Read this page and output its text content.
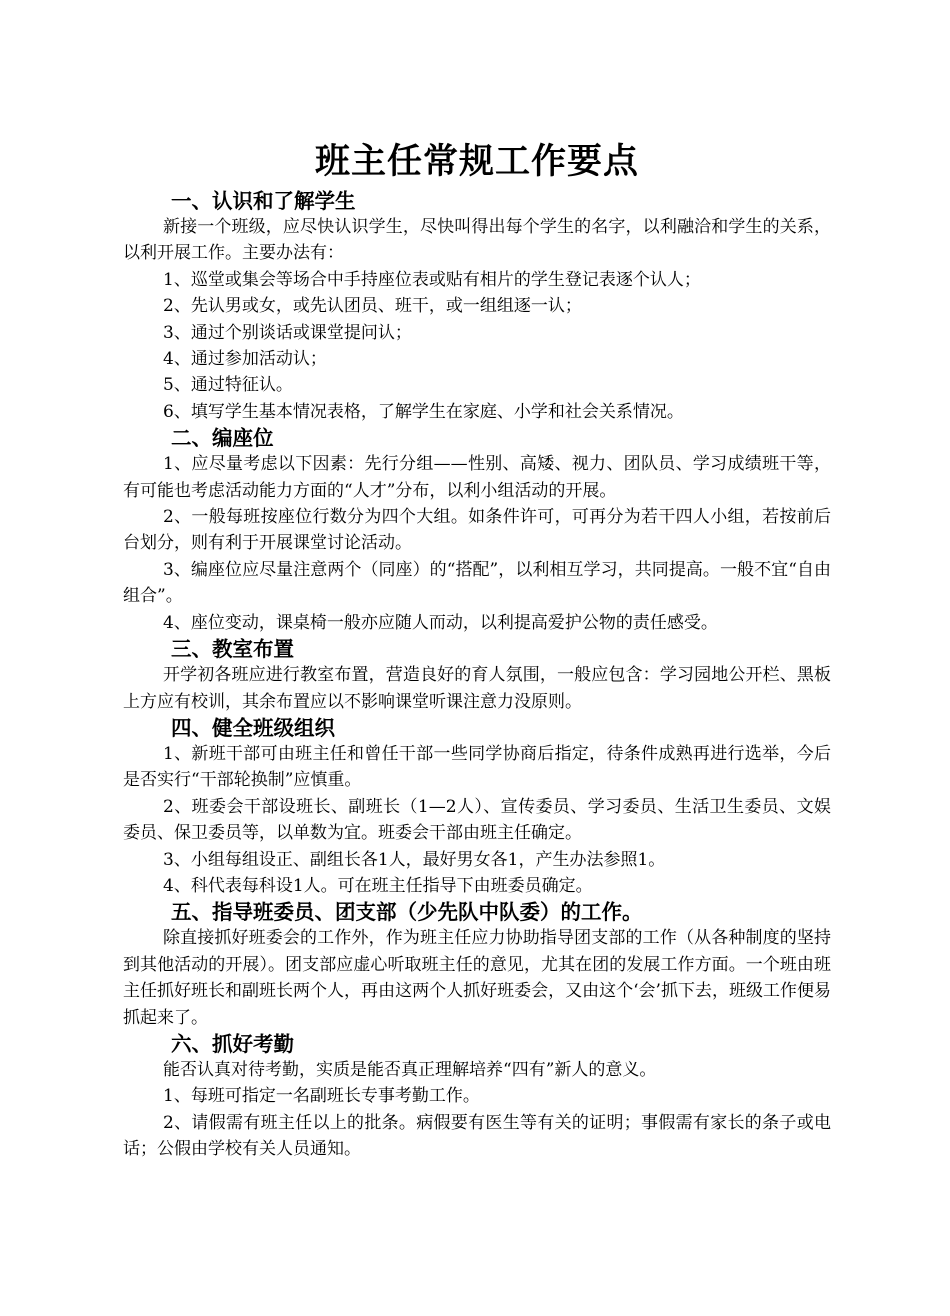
班主任常规工作要点
一、认识和了解学生

新接一个班级，应尽快认识学生，尽快叫得出每个学生的名字，以利融洽和学生的关系，以利开展工作。主要办法有：

1、巡堂或集会等场合中手持座位表或贴有相片的学生登记表逐个认人；

2、先认男或女，或先认团员、班干，或一组组逐一认；

3、通过个别谈话或课堂提问认；

4、通过参加活动认；

5、通过特征认。

6、填写学生基本情况表格，了解学生在家庭、小学和社会关系情况。

二、编座位

1、应尽量考虑以下因素：先行分组——性别、高矮、视力、团队员、学习成绩班干等，有可能也考虑活动能力方面的“人才”分布，以利小组活动的开展。

2、一般每班按座位行数分为四个大组。如条件许可，可再分为若干四人小组，若按前后台划分，则有利于开展课堂讨论活动。

3、编座位应尽量注意两个（同座）的“搭配”，以利相互学习，共同提高。一般不宜“自由组合”。

4、座位变动，课桌椅一般亦应随人而动，以利提高爱护公物的责任感受。

三、教室布置

开学初各班应进行教室布置，营造良好的育人氛围，一般应包含：学习园地公开栏、黑板上方应有校训，其余布置应以不影响课堂听课注意力没原则。

四、健全班级组织

1、新班干部可由班主任和曾任干部一些同学协商后指定，待条件成熟再进行选举，今后是否实行“干部轮换制”应慎重。

2、班委会干部设班长、副班长（1—2人）、宣传委员、学习委员、生活卫生委员、文娱委员、保卫委员等，以单数为宜。班委会干部由班主任确定。

3、小组每组设正、副组长各1人，最好男女各1，产生办法参照1。

4、科代表每科设1人。可在班主任指导下由班委员确定。

五、指导班委员、团支部（少先队中队委）的工作。

除直接抓好班委会的工作外，作为班主任应力协助指导团支部的工作（从各种制度的坚持到其他活动的开展）。团支部应虚心听取班主任的意见，尤其在团的发展工作方面。一个班由班主任抓好班长和副班长两个人，再由这两个人抓好班委会，又由这个‘会’抓下去，班级工作便易抓起来了。

六、抓好考勤

能否认真对待考勤，实质是能否真正理解培养“四有”新人的意义。

1、每班可指定一名副班长专事考勤工作。

2、请假需有班主任以上的批条。病假要有医生等有关的证明；事假需有家长的条子或电话；公假由学校有关人员通知。
